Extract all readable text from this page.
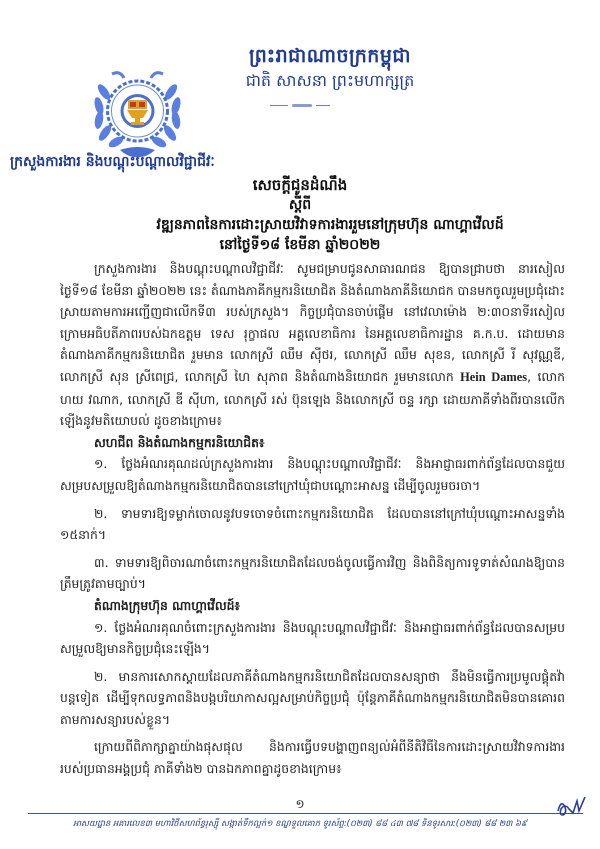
ព្រះរាជាណាចក្រកម្ពុជា
ជាតិ សាសនា ព្រះមហាក្សត្រ
ក្រសួងការងារ និងបណ្ដុះបណ្ដាលវិជ្ជាជីវៈ
សេចក្ដីជូនដំណឹង
ស្ដីពី
វឌ្ឍនភាពនៃការដោះស្រាយវិវាទការងាររួមនៅក្រុមហ៊ុន ណាហ្គាវើលដ៍
នៅថ្ងៃទី១៨ ខែមីនា ឆ្នាំ២០២២

ក្រសួងការងារ និងបណ្ដុះបណ្ដាលវិជ្ជាជីវៈ សូមជម្រាបជូនសាធារណជន ឱ្យបានជ្រាបថា នារសៀលថ្ងៃទី១៨ ខែមីនា ឆ្នាំ២០២២ នេះ តំណាងភាគីកម្មករនិយោជិត និងតំណាងភាគីនិយោជក បានមកចូលរួមប្រជុំដោះស្រាយតាមការអញ្ជើញជាលើកទី៣ របស់ក្រសួង។ កិច្ចប្រជុំបានចាប់ផ្ដើម នៅវេលាម៉ោង ២:៣០នាទីរសៀល ក្រោមអធិបតីភាពរបស់ឯកឧត្ដម ទេស រុក្ខាផល អគ្គលេខាធិការ នៃអគ្គលេខាធិការដ្ឋាន គ.ក.ប. ដោយមានតំណាងភាគីកម្មករនិយោជិត រួមមាន លោកស្រី ឈឹម ស៊ីថរ, លោកស្រី ឈឹម សុខន, លោកស្រី រី សុវណ្ណឌី, លោកស្រី សុន ស្រីពេជ្រ, លោកស្រី ហៃ សុភាព និងតំណាងនិយោជក រួមមានលោក Hein Dames, លោក ហយ វណាក, លោកស្រី ឌី ស៊ីហា, លោកស្រី រស់ ប៊ុនឡេង និងលោកស្រី ចន្ទ រក្សា ដោយភាគីទាំងពីរបានលើកឡើងនូវមតិយោបល់ ដូចខាងក្រោម៖

សហជីព និងតំណាងកម្មករនិយោជិត៖

១. ថ្លែងអំណរគុណដល់ក្រសួងការងារ និងបណ្ដុះបណ្ដាលវិជ្ជាជីវៈ និងអាជ្ញាធរពាក់ព័ន្ធដែលបានជួយសម្របសម្រួលឱ្យតំណាងកម្មករនិយោជិតបាននៅក្រៅឃុំជាបណ្ដោះអាសន្ន ដើម្បីចូលរួមចរចា។

២. ទាមទារឱ្យទម្លាក់ចោលនូវបទចោទចំពោះកម្មករនិយោជិត ដែលបាននៅក្រៅឃុំបណ្ដោះអាសន្នទាំង ១៥នាក់។

៣. ទាមទារឱ្យពិចារណាចំពោះកម្មករនិយោជិតដែលចង់ចូលធ្វើការវិញ និងពិនិត្យការទូទាត់សំណងឱ្យបានត្រឹមត្រូវតាមច្បាប់។

តំណាងក្រុមហ៊ុន ណាហ្គាវើលដ៍៖

១. ថ្លែងអំណរគុណចំពោះក្រសួងការងារ និងបណ្ដុះបណ្ដាលវិជ្ជាជីវៈ និងអាជ្ញាធរពាក់ព័ន្ធដែលបានសម្របសម្រួលឱ្យមានកិច្ចប្រជុំនេះឡើង។

២. មានការសោកស្ដាយដែលភាគីតំណាងកម្មករនិយោជិតដែលបានសន្យាថា នឹងមិនធ្វើការប្រមូលផ្ដុំតវ៉ាបន្តទៀត ដើម្បីទុកលទ្ធភាពនិងបង្កបរិយាកាសល្អសម្រាប់កិច្ចប្រជុំ ប៉ុន្តែភាគីតំណាងកម្មករនិយោជិតមិនបានគោរពតាមការសន្យារបស់ខ្លួន។

ក្រោយពីពិភាក្សាគ្នាយ៉ាងផុសផុល និងការធ្វើបទបង្ហាញពន្យល់អំពីនីតិវិធីនៃការដោះស្រាយវិវាទការងាររបស់ប្រធានអង្គប្រជុំ ភាគីទាំង២ បានឯកភាពគ្នាដូចខាងក្រោម៖

១
អាសយដ្ឋាន អគារលេខ៣ មហាវិថីសហព័ន្ធរុស្ស៊ី សង្កាត់ទឹកល្អក់១ ខណ្ឌទួលគោក ទូរស័ព្ទ:(០២៣) ៨៨ ៤៣ ៧៨ ទិនទូរសារ:(០២៣) ៨៨ ២៣ ៦៩
